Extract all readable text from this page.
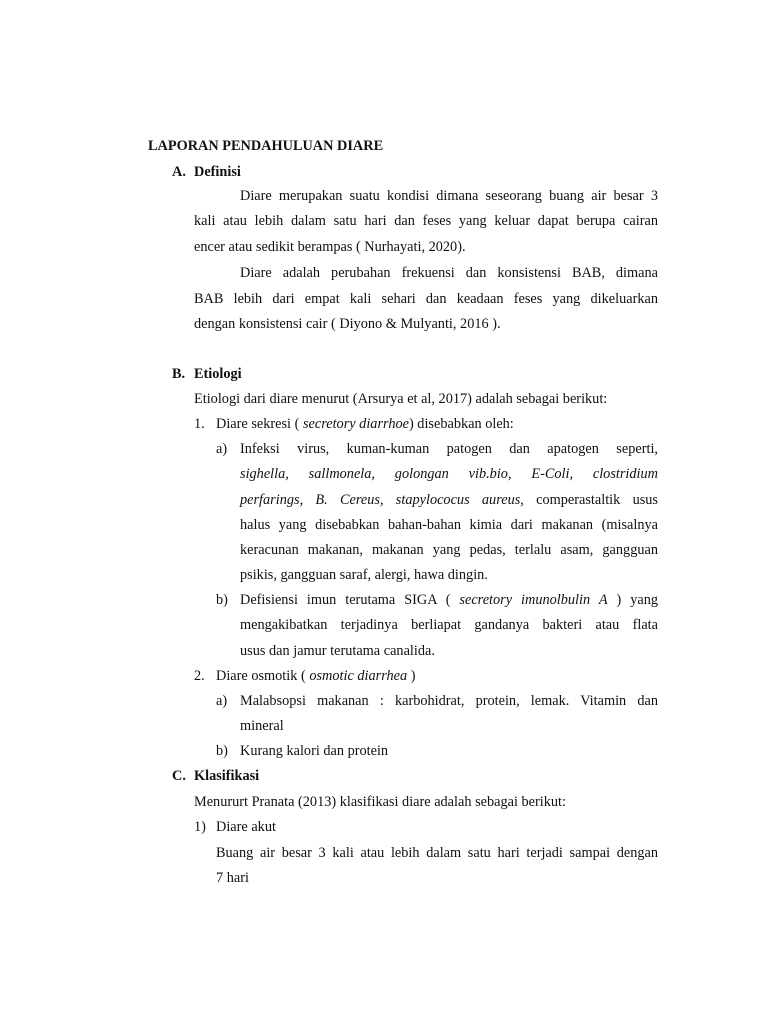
LAPORAN PENDAHULUAN DIARE
A. Definisi
Diare merupakan suatu kondisi dimana seseorang buang air besar 3
kali atau lebih dalam satu hari dan feses yang keluar dapat berupa cairan
encer atau sedikit berampas ( Nurhayati, 2020).
Diare adalah perubahan frekuensi dan konsistensi BAB, dimana
BAB lebih dari empat kali sehari dan keadaan feses yang dikeluarkan
dengan konsistensi cair ( Diyono & Mulyanti, 2016 ).
B. Etiologi
Etiologi dari diare menurut (Arsurya et al, 2017) adalah sebagai berikut:
1. Diare sekresi ( secretory diarrhoe) disebabkan oleh:
a) Infeksi virus, kuman-kuman patogen dan apatogen seperti,
sighella, sallmonela, golongan vib.bio, E-Coli, clostridium
perfarings, B. Cereus, stapylococus aureus, comperastaltik usus
halus yang disebabkan bahan-bahan kimia dari makanan (misalnya
keracunan makanan, makanan yang pedas, terlalu asam, gangguan
psikis, gangguan saraf, alergi, hawa dingin.
b) Defisiensi imun terutama SIGA ( secretory imunolbulin A ) yang
mengakibatkan terjadinya berliapat gandanya bakteri atau flata
usus dan jamur terutama canalida.
2. Diare osmotik ( osmotic diarrhea )
a) Malabsopsi makanan : karbohidrat, protein, lemak. Vitamin dan
mineral
b) Kurang kalori dan protein
C. Klasifikasi
Menururt Pranata (2013) klasifikasi diare adalah sebagai berikut:
1) Diare akut
Buang air besar 3 kali atau lebih dalam satu hari terjadi sampai dengan
7 hari
